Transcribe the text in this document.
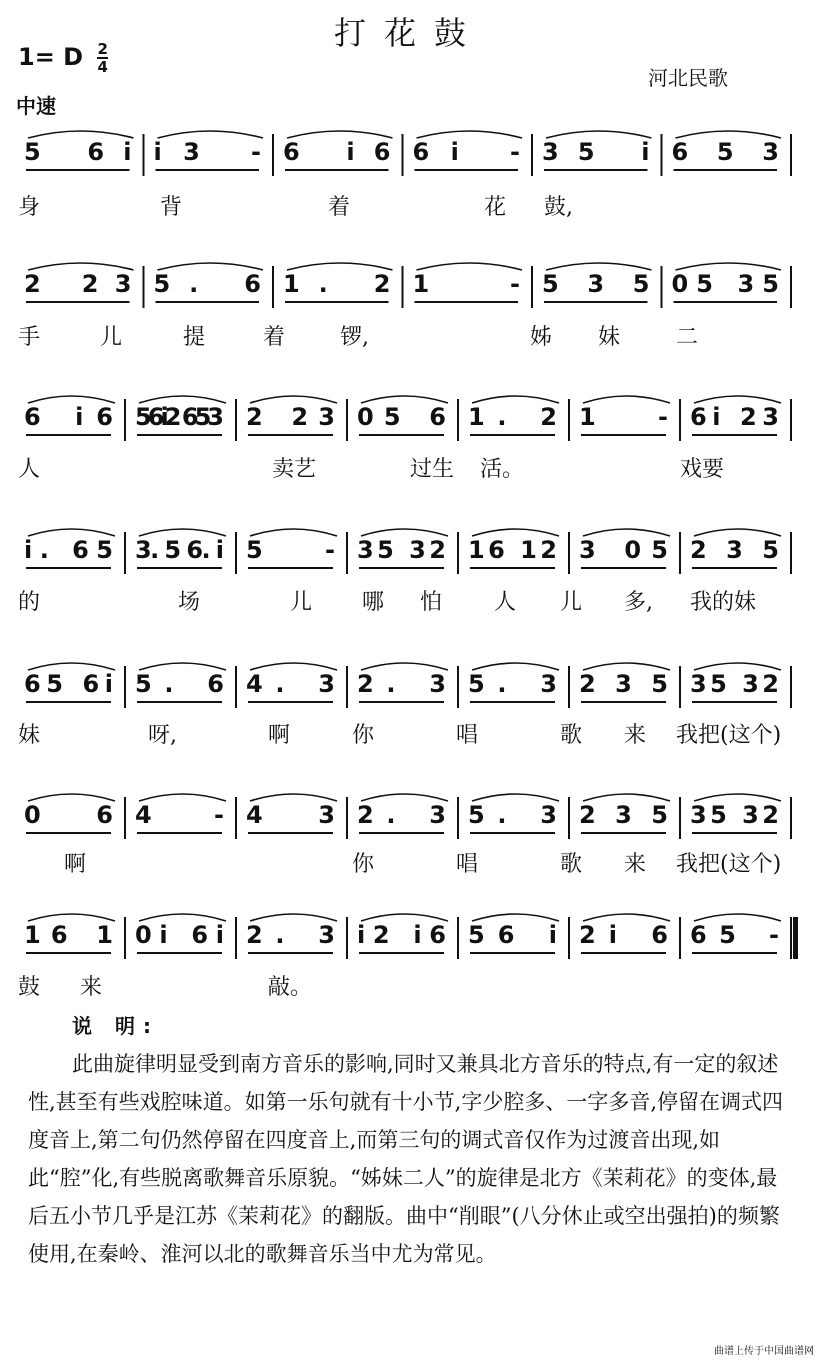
打花鼓
1= D $\frac{2}{4}$
河北民歌
中速
5 6i i3 - 6 i6 6i - 35 i 653
身	背	着	花 鼓,
2 23 5. 6 1. 2 1 - 535 05 35
手	儿	提	着 锣,	姊 妹	二
6 i6 56i2 653 2 23 05 6 1. 2 1 - 6i 23
人	卖艺	过生 活。	戏要
i. 65 3. 5 6. i 5 - 35 32 16 12 3 05 235
的	场	儿 哪 怕 人 儿 多, 我的妹
65 6i 5. 6 4. 3 2. 3 5. 3 235 35 32
妹	呀,	啊	你	唱	歌 来 我把(这个)
0 6 4 - 4 3 2. 3 5. 3 235 35 32
啊	你	唱	歌 来 我把(这个)
16 1 0i 6i 2. 3 i2 i6 56 i 2i 6 65 -
鼓 来	敲。
说 明:

此曲旋律明显受到南方音乐的影响,同时又兼具北方音乐的特点,有一定的叙述性,甚至有些戏腔味道。如第一乐句就有十小节,字少腔多、一字多音,停留在调式四度音上,第二句仍然停留在四度音上,而第三句的调式音仅作为过渡音出现,如此“腔”化,有些脱离歌舞音乐原貌。“姊妹二人”的旋律是北方《茉莉花》的变体,最后五小节几乎是江苏《茉莉花》的翻版。曲中“削眼”(八分休止或空出强拍)的频繁使用,在秦岭、淮河以北的歌舞音乐当中尤为常见。

曲谱上传于中国曲谱网
